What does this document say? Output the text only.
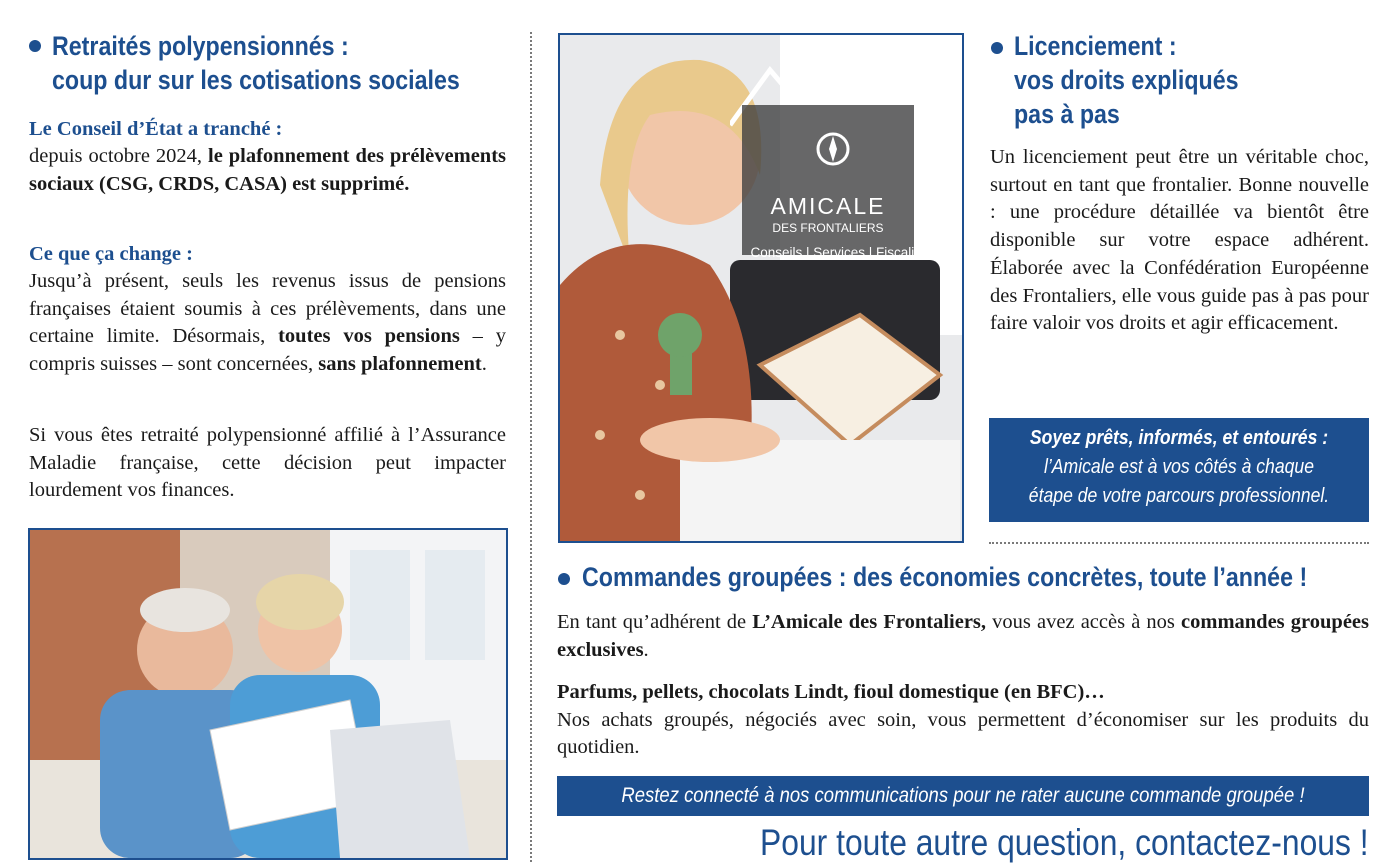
Retraités polypensionnés :
coup dur sur les cotisations sociales
Le Conseil d’État a tranché :
depuis octobre 2024, le plafonnement des prélèvements sociaux (CSG, CRDS, CASA) est supprimé.
Ce que ça change :
Jusqu’à présent, seuls les revenus issus de pensions françaises étaient soumis à ces prélèvements, dans une certaine limite. Désormais, toutes vos pensions – y compris suisses – sont concernées, sans plafonnement.
Si vous êtes retraité polypensionné affilié à l’Assurance Maladie française, cette décision peut impacter lourdement vos finances.
AMICALE
DES FRONTALIERS
Conseils | Services | Fiscalité
Licenciement :
vos droits expliqués
pas à pas
Un licenciement peut être un véritable choc, surtout en tant que frontalier. Bonne nouvelle : une procédure détaillée va bientôt être disponible sur votre espace adhérent. Élaborée avec la Confédération Européenne des Frontaliers, elle vous guide pas à pas pour faire valoir vos droits et agir efficacement.
Soyez prêts, informés, et entourés :
l’Amicale est à vos côtés à chaque
étape de votre parcours professionnel.
Commandes groupées : des économies concrètes, toute l’année !
En tant qu’adhérent de L’Amicale des Frontaliers, vous avez accès à nos commandes groupées exclusives.
Parfums, pellets, chocolats Lindt, fioul domestique (en BFC)…
Nos achats groupés, négociés avec soin, vous permettent d’économiser sur les produits du quotidien.
Restez connecté à nos communications pour ne rater aucune commande groupée !
Pour toute autre question, contactez-nous !
